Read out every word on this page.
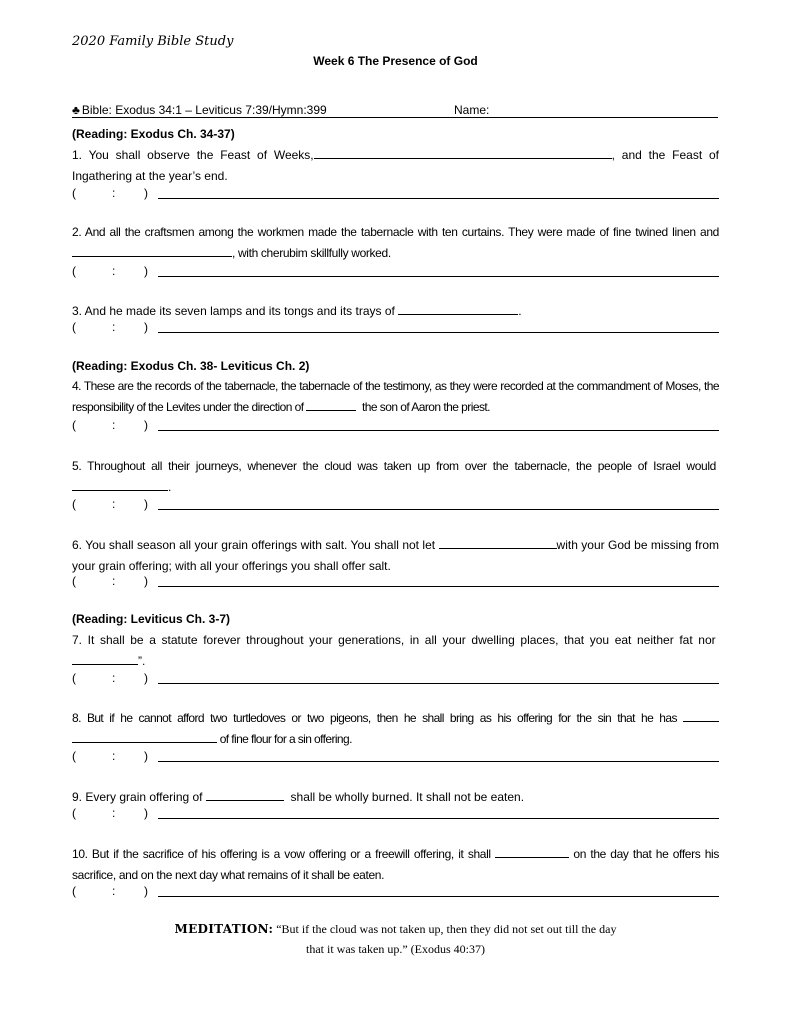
2020 Family Bible Study
Week 6 The Presence of God
♣ Bible: Exodus 34:1 – Leviticus 7:39/Hymn:399	Name:
(Reading: Exodus Ch. 34-37)
1. You shall observe the Feast of Weeks,	, and the Feast of Ingathering at the year’s end.
(	: )
2. And all the craftsmen among the workmen made the tabernacle with ten curtains. They were made of fine twined linen and, with cherubim skillfully worked.
(	: )
3. And he made its seven lamps and its tongs and its trays of	.
(	: )
(Reading: Exodus Ch. 38- Leviticus Ch. 2)
4. These are the records of the tabernacle, the tabernacle of the testimony, as they were recorded at the commandment of Moses, the responsibility of the Levites under the direction of	the son of Aaron the priest.
(	: )
5. Throughout all their journeys, whenever the cloud was taken up from over the tabernacle, the people of Israel would .
(	: )
6. You shall season all your grain offerings with salt. You shall not let	with your God be missing from your grain offering; with all your offerings you shall offer salt.
(	: )
(Reading: Leviticus Ch. 3-7)
7. It shall be a statute forever throughout your generations, in all your dwelling places, that you eat neither fat nor ”.
(	: )
8. But if he cannot afford two turtledoves or two pigeons, then he shall bring as his offering for the sin that he has   of fine flour for a sin offering.
(	: )
9. Every grain offering of	shall be wholly burned. It shall not be eaten.
(	: )
10. But if the sacrifice of his offering is a vow offering or a freewill offering, it shall	on the day that he offers his sacrifice, and on the next day what remains of it shall be eaten.
(	: )
MEDITATION: “But if the cloud was not taken up, then they did not set out till the day
that it was taken up.” (Exodus 40:37)
